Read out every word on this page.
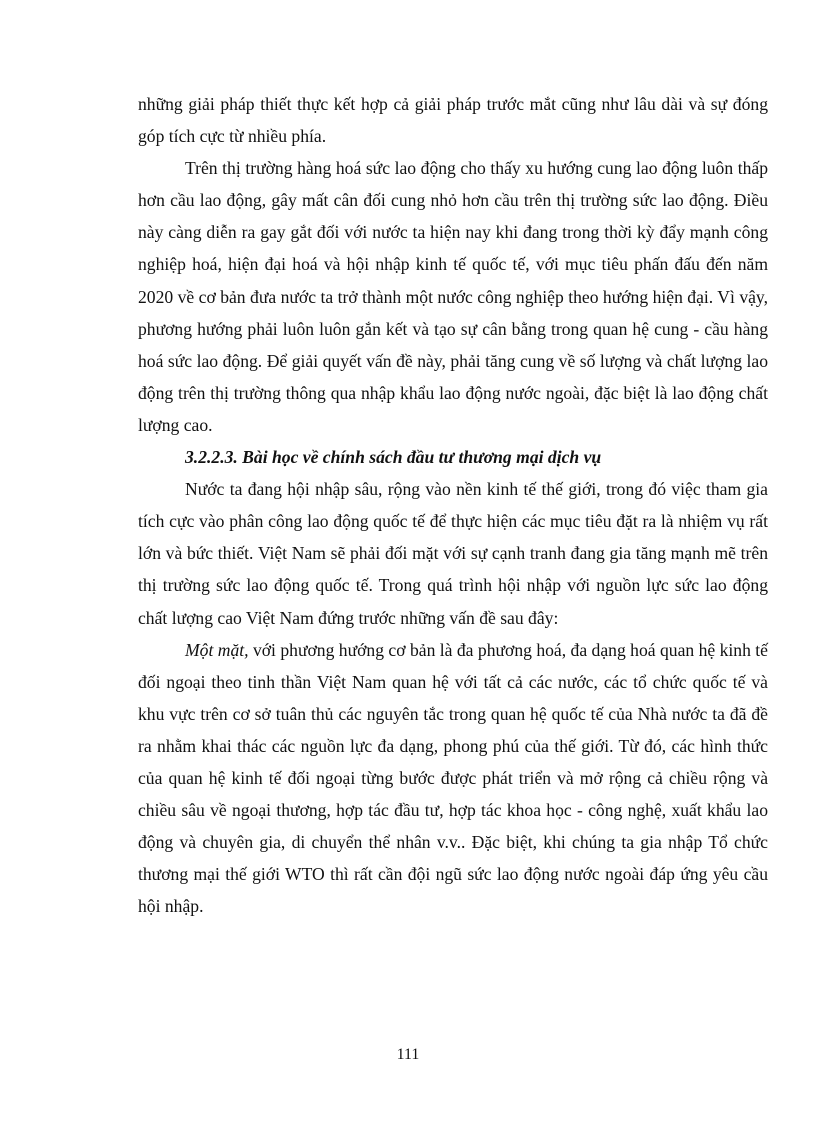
những giải pháp thiết thực kết hợp cả giải pháp trước mắt cũng như lâu dài và sự đóng góp tích cực từ nhiều phía.

Trên thị trường hàng hoá sức lao động cho thấy xu hướng cung lao động luôn thấp hơn cầu lao động, gây mất cân đối cung nhỏ hơn cầu trên thị trường sức lao động. Điều này càng diễn ra gay gắt đối với nước ta hiện nay khi đang trong thời kỳ đẩy mạnh công nghiệp hoá, hiện đại hoá và hội nhập kinh tế quốc tế, với mục tiêu phấn đấu đến năm 2020 về cơ bản đưa nước ta trở thành một nước công nghiệp theo hướng hiện đại. Vì vậy, phương hướng phải luôn luôn gắn kết và tạo sự cân bằng trong quan hệ cung - cầu hàng hoá sức lao động. Để giải quyết vấn đề này, phải tăng cung về số lượng và chất lượng lao động trên thị trường thông qua nhập khẩu lao động nước ngoài, đặc biệt là lao động chất lượng cao.

3.2.2.3. Bài học về chính sách đầu tư thương mại dịch vụ

Nước ta đang hội nhập sâu, rộng vào nền kinh tế thế giới, trong đó việc tham gia tích cực vào phân công lao động quốc tế để thực hiện các mục tiêu đặt ra là nhiệm vụ rất lớn và bức thiết. Việt Nam sẽ phải đối mặt với sự cạnh tranh đang gia tăng mạnh mẽ trên thị trường sức lao động quốc tế. Trong quá trình hội nhập với nguồn lực sức lao động chất lượng cao Việt Nam đứng trước những vấn đề sau đây:

Một mặt, với phương hướng cơ bản là đa phương hoá, đa dạng hoá quan hệ kinh tế đối ngoại theo tinh thần Việt Nam quan hệ với tất cả các nước, các tổ chức quốc tế và khu vực trên cơ sở tuân thủ các nguyên tắc trong quan hệ quốc tế của Nhà nước ta đã đề ra nhằm khai thác các nguồn lực đa dạng, phong phú của thế giới. Từ đó, các hình thức của quan hệ kinh tế đối ngoại từng bước được phát triển và mở rộng cả chiều rộng và chiều sâu về ngoại thương, hợp tác đầu tư, hợp tác khoa học - công nghệ, xuất khẩu lao động và chuyên gia, di chuyển thể nhân v.v.. Đặc biệt, khi chúng ta gia nhập Tổ chức thương mại thế giới WTO thì rất cần đội ngũ sức lao động nước ngoài đáp ứng yêu cầu hội nhập.

111
